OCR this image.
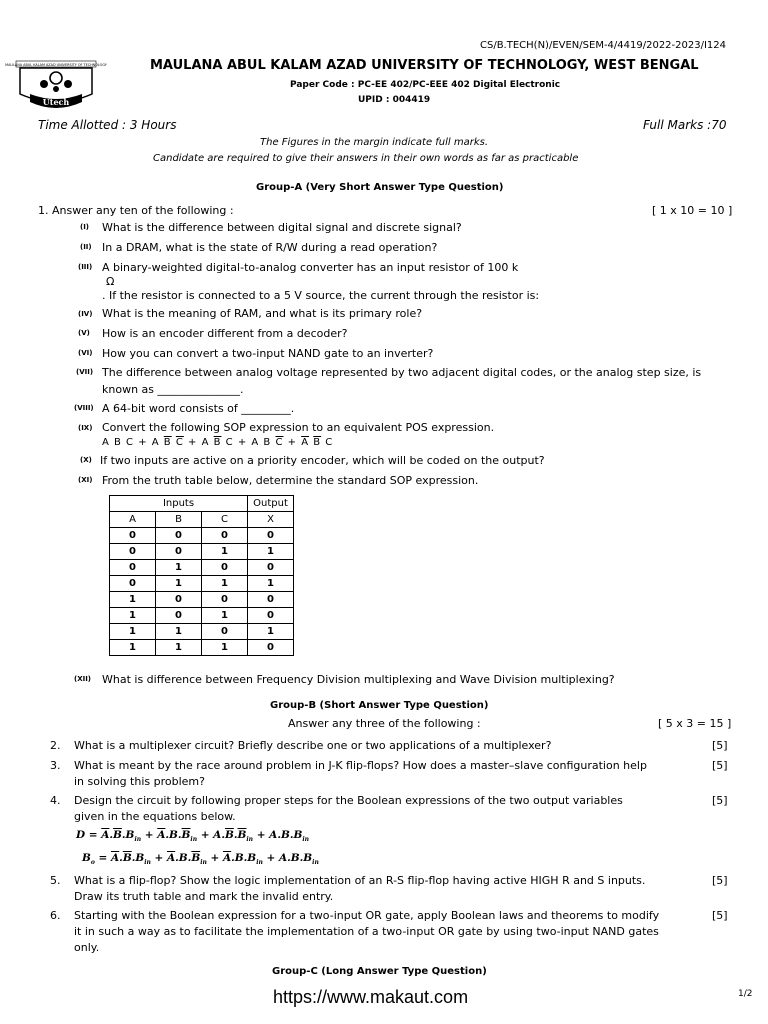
CS/B.TECH(N)/EVEN/SEM-4/4419/2022-2023/I124
MAULANA ABUL KALAM AZAD UNIVERSITY OF TECHNOLOGY
Utech
MAULANA ABUL KALAM AZAD UNIVERSITY OF TECHNOLOGY, WEST BENGAL
Paper Code : PC-EE 402/PC-EEE 402 Digital Electronic
UPID : 004419
Time Allotted : 3 Hours	Full Marks :70
The Figures in the margin indicate full marks.
Candidate are required to give their answers in their own words as far as practicable
Group-A (Very Short Answer Type Question)
1. Answer any ten of the following :	[ 1 x 10 = 10 ]
(I) What is the difference between digital signal and discrete signal?
(II) In a DRAM, what is the state of R/W during a read operation?
(III) A binary-weighted digital-to-analog converter has an input resistor of 100 k
Ω
. If the resistor is connected to a 5 V source, the current through the resistor is:
(IV) What is the meaning of RAM, and what is its primary role?
(V) How is an encoder different from a decoder?
(VI) How you can convert a two-input NAND gate to an inverter?
(VII) The difference between analog voltage represented by two adjacent digital codes, or the analog step size, is
known as _______________.
(VIII) A 64-bit word consists of _________.
(IX) Convert the following SOP expression to an equivalent POS expression.
A B C + A $\overline{B}$ $\overline{C} + A$ $\overline{B}$ C + A B $\overline{C} + \overline{A}$ $\overline{B}$ C
(X) If two inputs are active on a priority encoder, which will be coded on the output?
(XI) From the truth table below, determine the standard SOP expression.
Inputs			Output
A	B	C	X
0	0	0	0
0	0	1	1
0	1	0	0
0	1	1	1
1	0	0	0
1	0	1	0
1	1	0	1
1	1	1	0
(XII) What is difference between Frequency Division multiplexing and Wave Division multiplexing?
Group-B (Short Answer Type Question)
Answer any three of the following :	[ 5 x 3 = 15 ]
2. What is a multiplexer circuit? Briefly describe one or two applications of a multiplexer?	[5]
3. What is meant by the race around problem in J-K flip-flops? How does a master–slave configuration help
in solving this problem?
[5]
4. Design the circuit by following proper steps for the Boolean expressions of the two output variables
given in the equations below.
[5]
$D = \overline{A}.\overline{B}.B_{in} + \overline{A}.B.\overline{B}_{in} + A.\overline{B}.\overline{B}_{in} + A.B.B_{in}$
$B_o = \overline{A}.\overline{B}.B_{in} + \overline{A}.B.\overline{B}_{in} + \overline{A}.B.B_{in} + A.B.B_{in}$
5. What is a flip-flop? Show the logic implementation of an R-S flip-flop having active HIGH R and S inputs.
Draw its truth table and mark the invalid entry.
[5]
6. Starting with the Boolean expression for a two-input OR gate, apply Boolean laws and theorems to modify
it in such a way as to facilitate the implementation of a two-input OR gate by using two-input NAND gates
only.
[5]
Group-C (Long Answer Type Question)
https://www.makaut.com	1/2
